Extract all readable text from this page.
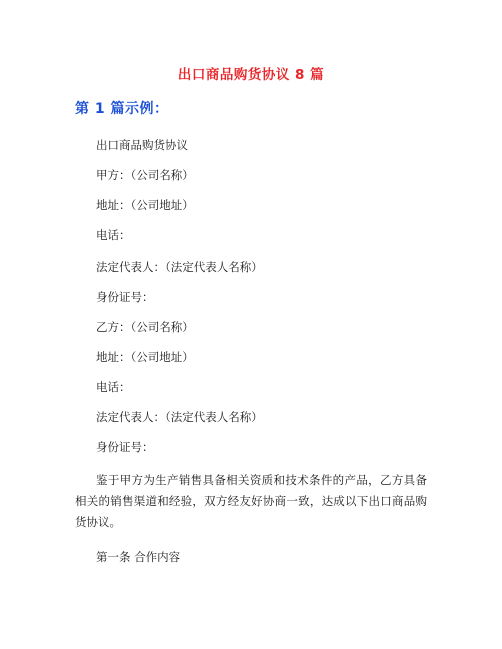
出口商品购货协议 8 篇
第 1 篇示例：
出口商品购货协议
甲方：（公司名称）
地址：（公司地址）
电话：
法定代表人：（法定代表人名称）
身份证号：
乙方：（公司名称）
地址：（公司地址）
电话：
法定代表人：（法定代表人名称）
身份证号：
鉴于甲方为生产销售具备相关资质和技术条件的产品，乙方具备相关的销售渠道和经验，双方经友好协商一致，达成以下出口商品购货协议。
第一条 合作内容
